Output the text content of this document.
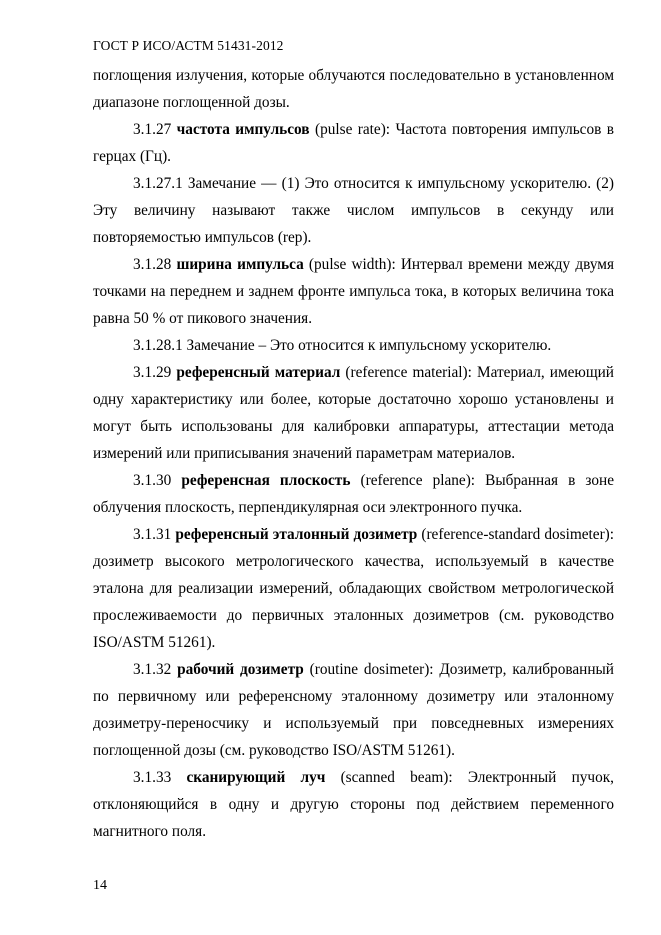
ГОСТ Р ИСО/АСТМ 51431-2012

поглощения излучения, которые облучаются последовательно в установленном диапазоне поглощенной дозы.

3.1.27 частота импульсов (pulse rate): Частота повторения импульсов в герцах (Гц).

3.1.27.1 Замечание — (1) Это относится к импульсному ускорителю. (2) Эту величину называют также числом импульсов в секунду или повторяемостью импульсов (rep).

3.1.28 ширина импульса (pulse width): Интервал времени между двумя точками на переднем и заднем фронте импульса тока, в которых величина тока равна 50 % от пикового значения.

3.1.28.1 Замечание – Это относится к импульсному ускорителю.

3.1.29 референсный материал (reference material): Материал, имеющий одну характеристику или более, которые достаточно хорошо установлены и могут быть использованы для калибровки аппаратуры, аттестации метода измерений или приписывания значений параметрам материалов.

3.1.30 референсная плоскость (reference plane): Выбранная в зоне облучения плоскость, перпендикулярная оси электронного пучка.

3.1.31 референсный эталонный дозиметр (reference-standard dosimeter): дозиметр высокого метрологического качества, используемый в качестве эталона для реализации измерений, обладающих свойством метрологической прослеживаемости до первичных эталонных дозиметров (см. руководство ISO/ASTM 51261).

3.1.32 рабочий дозиметр (routine dosimeter): Дозиметр, калиброванный по первичному или референсному эталонному дозиметру или эталонному дозиметру-переносчику и используемый при повседневных измерениях поглощенной дозы (см. руководство ISO/ASTM 51261).

3.1.33 сканирующий луч (scanned beam): Электронный пучок, отклоняющийся в одну и другую стороны под действием переменного магнитного поля.

14
